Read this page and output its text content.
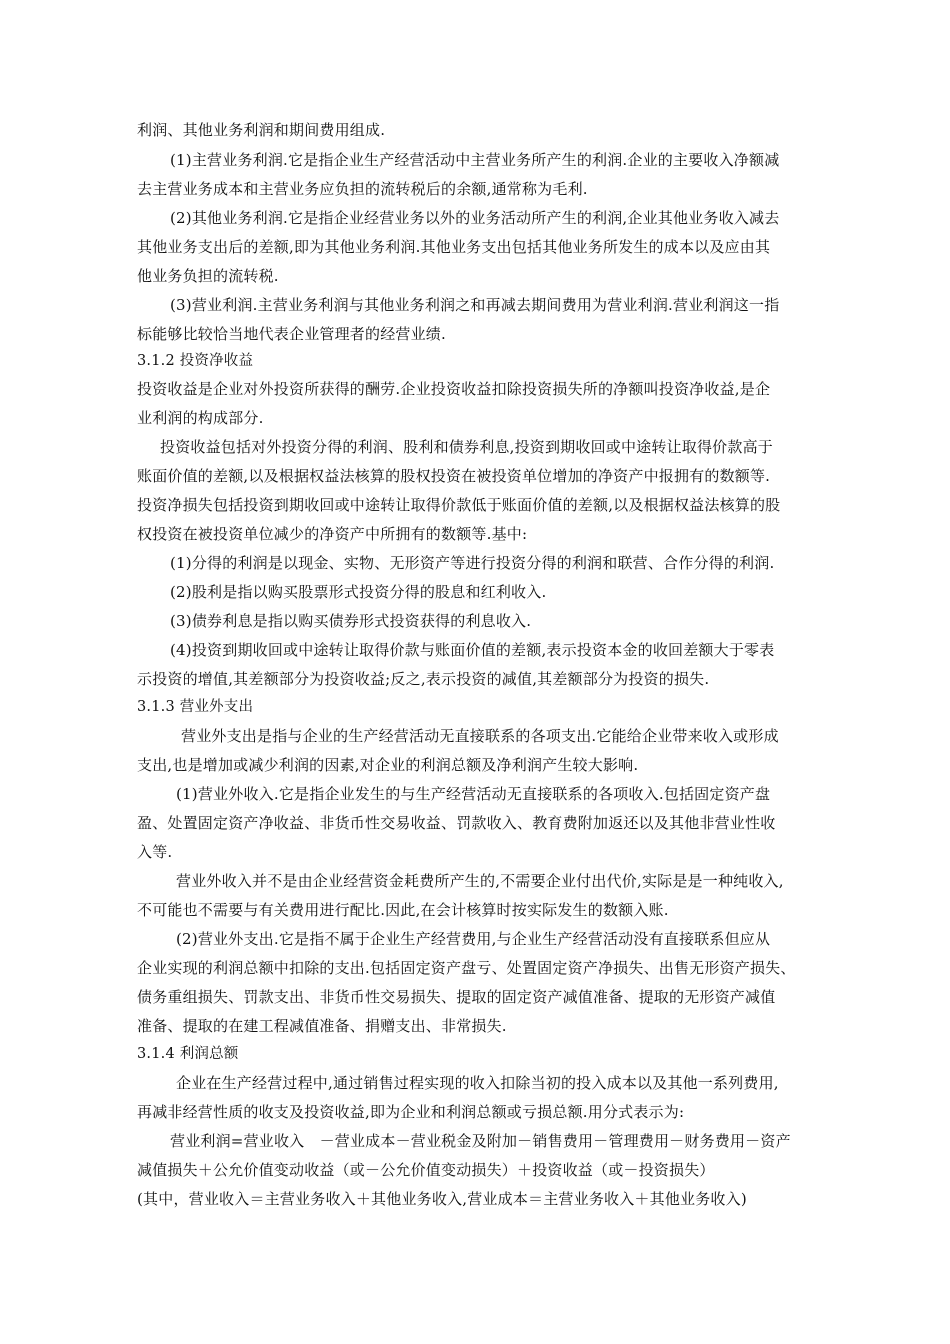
利润、其他业务利润和期间费用组成.
(1)主营业务利润.它是指企业生产经营活动中主营业务所产生的利润.企业的主要收入净额减
去主营业务成本和主营业务应负担的流转税后的余额,通常称为毛利.
(2)其他业务利润.它是指企业经营业务以外的业务活动所产生的利润,企业其他业务收入减去
其他业务支出后的差额,即为其他业务利润.其他业务支出包括其他业务所发生的成本以及应由其
他业务负担的流转税.
(3)营业利润.主营业务利润与其他业务利润之和再减去期间费用为营业利润.营业利润这一指
标能够比较恰当地代表企业管理者的经营业绩.
3.1.2 投资净收益
投资收益是企业对外投资所获得的酬劳.企业投资收益扣除投资损失所的净额叫投资净收益,是企
业利润的构成部分.
投资收益包括对外投资分得的利润、股利和债券利息,投资到期收回或中途转让取得价款高于
账面价值的差额,以及根据权益法核算的股权投资在被投资单位增加的净资产中报拥有的数额等.
投资净损失包括投资到期收回或中途转让取得价款低于账面价值的差额,以及根据权益法核算的股
权投资在被投资单位减少的净资产中所拥有的数额等.基中:
(1)分得的利润是以现金、实物、无形资产等进行投资分得的利润和联营、合作分得的利润.
(2)股利是指以购买股票形式投资分得的股息和红利收入.
(3)债券利息是指以购买债券形式投资获得的利息收入.
(4)投资到期收回或中途转让取得价款与账面价值的差额,表示投资本金的收回差额大于零表
示投资的增值,其差额部分为投资收益;反之,表示投资的减值,其差额部分为投资的损失.
3.1.3 营业外支出
营业外支出是指与企业的生产经营活动无直接联系的各项支出.它能给企业带来收入或形成
支出,也是增加或减少利润的因素,对企业的利润总额及净利润产生较大影响.
(1)营业外收入.它是指企业发生的与生产经营活动无直接联系的各项收入.包括固定资产盘
盈、处置固定资产净收益、非货币性交易收益、罚款收入、教育费附加返还以及其他非营业性收
入等.
营业外收入并不是由企业经营资金耗费所产生的,不需要企业付出代价,实际是是一种纯收入,
不可能也不需要与有关费用进行配比.因此,在会计核算时按实际发生的数额入账.
(2)营业外支出.它是指不属于企业生产经营费用,与企业生产经营活动没有直接联系但应从
企业实现的利润总额中扣除的支出.包括固定资产盘亏、处置固定资产净损失、出售无形资产损失、
债务重组损失、罚款支出、非货币性交易损失、提取的固定资产减值准备、提取的无形资产减值
准备、提取的在建工程减值准备、捐赠支出、非常损失.
3.1.4 利润总额
企业在生产经营过程中,通过销售过程实现的收入扣除当初的投入成本以及其他一系列费用,
再减非经营性质的收支及投资收益,即为企业和利润总额或亏损总额.用分式表示为:
营业利润=营业收入　－营业成本－营业税金及附加－销售费用－管理费用－财务费用－资产
减值损失＋公允价值变动收益（或－公允价值变动损失）＋投资收益（或－投资损失）
(其中，营业收入＝主营业务收入＋其他业务收入,营业成本＝主营业务收入＋其他业务收入)
